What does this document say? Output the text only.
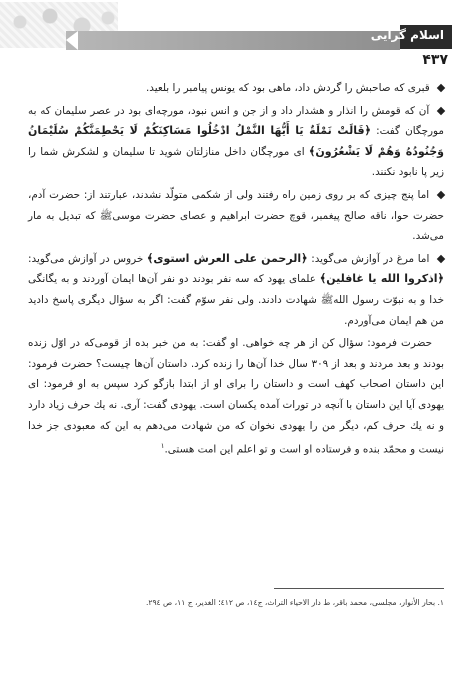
اسلام گرایی
۴۳۷

قبری که صاحبش را گردش داد، ماهی بود که یونس پیامبر را بلعید.

آن که قومش را انذار و هشدار داد و از جن و انس نبود، مورچه‌ای بود در عصر سلیمان که به مورچگان گفت: ﴿قَالَتْ نَمْلَةٌ يَا أَيُّهَا النَّمْلُ ادْخُلُوا مَسَاكِنَكُمْ لَا يَحْطِمَنَّكُمْ سُلَيْمَانُ وَجُنُودُهُ وَهُمْ لَا يَشْعُرُونَ﴾ ای مورچگان داخل منازلتان شوید تا سلیمان و لشکرش شما را زیر پا نابود نکنند.

اما پنج چیزی که بر روی زمین راه رفتند ولی از شکمی متولّد نشدند، عبارتند از: حضرت آدم، حضرت حوا، ناقه صالح پیغمبر، قوچ حضرت ابراهیم و عصای حضرت موسیﷺ که تبدیل به مار می‌شد.

اما مرغ در آوازش می‌گوید: ﴿الرحمن على العرش استوى﴾ خروس در آوازش می‌گوید: ﴿اذكروا الله يا غافلين﴾ علمای یهود که سه نفر بودند دو نفر آن‌ها ایمان آوردند و به یگانگی خدا و به نبوّت رسول اللهﷺ شهادت دادند. ولی نفر سوّم گفت: اگر به سؤال دیگری پاسخ دادید من هم ایمان می‌آوردم.

حضرت فرمود: سؤال کن از هر چه خواهی. او گفت: به من خبر بده از قومی‌که در اوّل زنده بودند و بعد مردند و بعد از ۳۰۹ سال خدا آن‌ها را زنده کرد. داستان آن‌ها چیست؟ حضرت فرمود: این داستان اصحاب کهف است و داستان را برای او از ابتدا بازگو کرد سپس به او فرمود: ای یهودی آیا این داستان با آنچه در تورات آمده یکسان است. یهودی گفت: آری. نه یك حرف زیاد دارد و نه یك حرف کم، دیگر من را یهودی نخوان که من شهادت می‌دهم به این که معبودی جز خدا نیست و محمّد بنده و فرستاده او است و تو اعلم این امت هستی.$^۱$

۱. بحار الأنوار، مجلسی، محمد باقر، ط دار الاحیاء التراث، ج۱٤، ص ٤۱۲؛ الغدیر، ج ۱۱، ص ۲۹٤.
